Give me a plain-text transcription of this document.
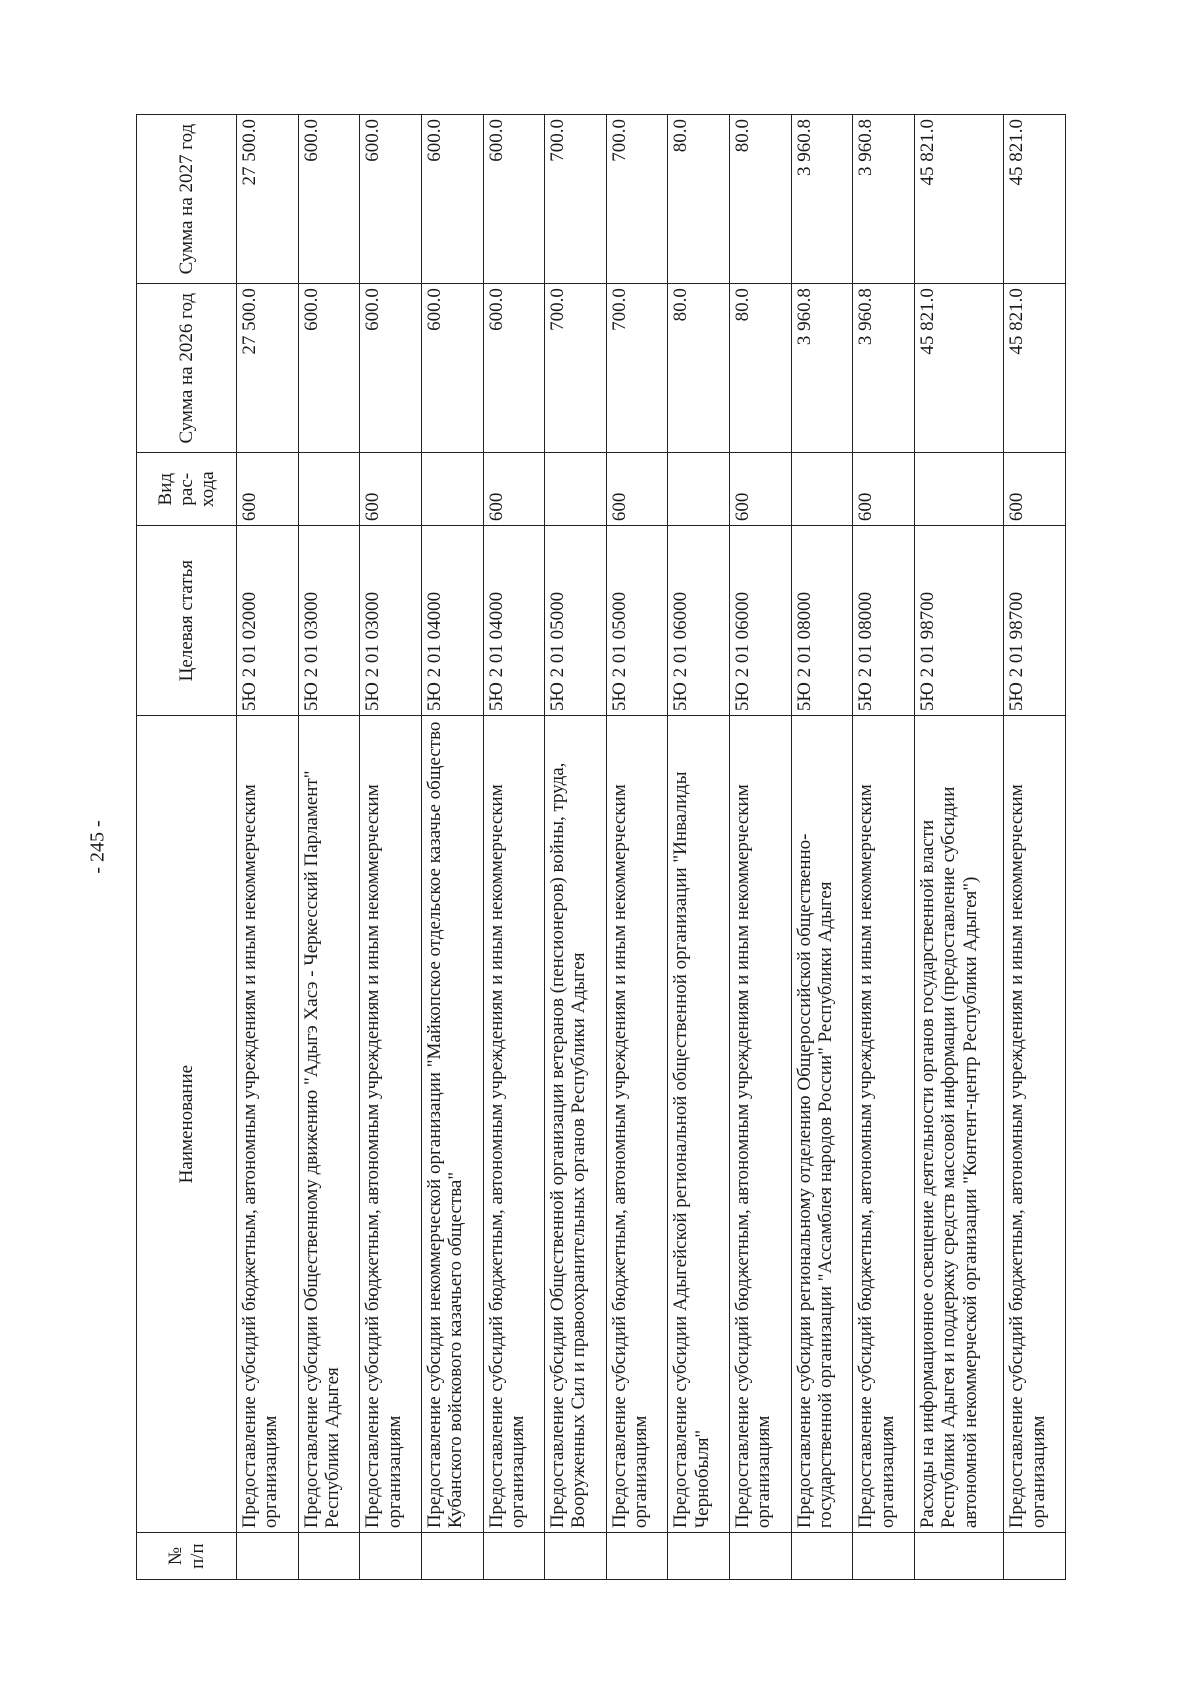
- 245 -
№ п/п	Наименование	Целевая статья	Вид рас-хода	Сумма на 2026 год	Сумма на 2027 год
	Предоставление субсидий бюджетным, автономным учреждениям и иным некоммерческим организациям	5Ю 2 01 02000	600	27 500.0	27 500.0
	Предоставление субсидии Общественному движению "Адыгэ Хасэ - Черкесский Парламент" Республики Адыгея	5Ю 2 01 03000		600.0	600.0
	Предоставление субсидий бюджетным, автономным учреждениям и иным некоммерческим организациям	5Ю 2 01 03000	600	600.0	600.0
	Предоставление субсидии некоммерческой организации "Майкопское отдельское казачье общество Кубанского войскового казачьего общества"	5Ю 2 01 04000		600.0	600.0
	Предоставление субсидий бюджетным, автономным учреждениям и иным некоммерческим организациям	5Ю 2 01 04000	600	600.0	600.0
	Предоставление субсидии Общественной организации ветеранов (пенсионеров) войны, труда, Вооруженных Сил и правоохранительных органов Республики Адыгея	5Ю 2 01 05000		700.0	700.0
	Предоставление субсидий бюджетным, автономным учреждениям и иным некоммерческим организациям	5Ю 2 01 05000	600	700.0	700.0
	Предоставление субсидии Адыгейской региональной общественной организации "Инвалиды Чернобыля"	5Ю 2 01 06000		80.0	80.0
	Предоставление субсидий бюджетным, автономным учреждениям и иным некоммерческим организациям	5Ю 2 01 06000	600	80.0	80.0
	Предоставление субсидии региональному отделению Общероссийской общественно-государственной организации "Ассамблея народов России" Республики Адыгея	5Ю 2 01 08000		3 960.8	3 960.8
	Предоставление субсидий бюджетным, автономным учреждениям и иным некоммерческим организациям	5Ю 2 01 08000	600	3 960.8	3 960.8
	Расходы на информационное освещение деятельности органов государственной власти Республики Адыгея и поддержку средств массовой информации (предоставление субсидии автономной некоммерческой организации "Контент-центр Республики Адыгея")	5Ю 2 01 98700		45 821.0	45 821.0
	Предоставление субсидий бюджетным, автономным учреждениям и иным некоммерческим организациям	5Ю 2 01 98700	600	45 821.0	45 821.0
